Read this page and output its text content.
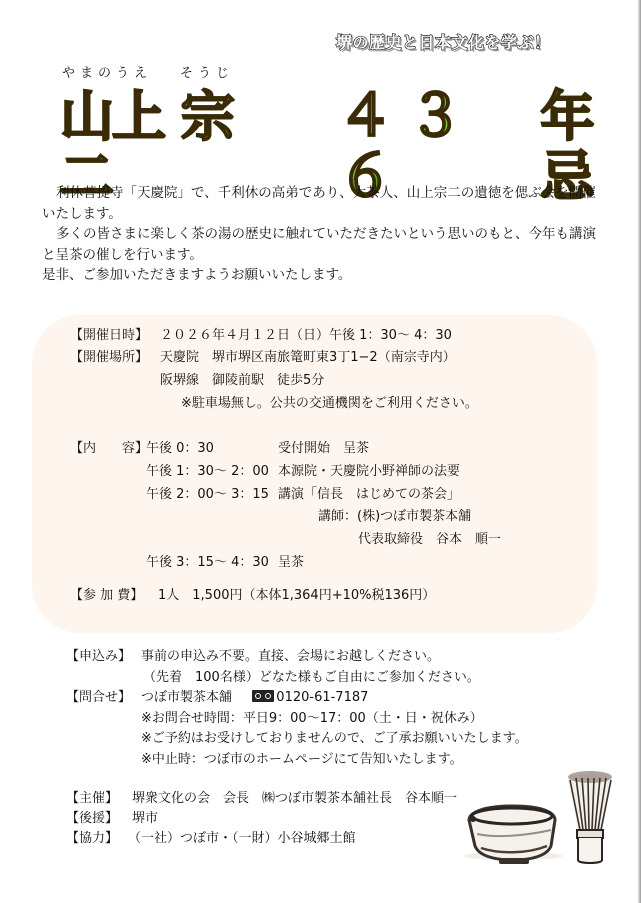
堺の歴史と日本文化を学ぶ！
やまのうえ そうじ
山上 宗二
４３６
年忌

利休菩提寺「天慶院」で、千利休の高弟であり、大茶人、山上宗二の遺徳を偲ぶ会を開催いたします。

多くの皆さまに楽しく茶の湯の歴史に触れていただきたいという思いのもと、今年も講演と呈茶の催しを行います。

是非、ご参加いただきますようお願いいたします。

【開催日時】 ２０２６年４月１２日（日）午後 1：30～ 4：30
【開催場所】 天慶院　堺市堺区南旅篭町東3丁1−2（南宗寺内）
阪堺線　御陵前駅　徒歩5分
※駐車場無し。公共の交通機関をご利用ください。
【内　　容】午後 0：30	受付開始　呈茶
午後 1：30～ 2：00 本源院・天慶院小野禅師の法要
午後 2：00～ 3：15 講演「信長　はじめての茶会」
講師：(株)つぼ市製茶本舗
代表取締役　谷本　順一
午後 3：15～ 4：30 呈茶
【参 加 費】 1人　1,500円（本体1,364円+10%税136円）
【申込み】 事前の申込み不要。直接、会場にお越しください。
（先着　100名様）どなた様もご自由にご参加ください。
【問合せ】 つぼ市製茶本舗	0120-61-7187
※お問合せ時間：平日9：00～17：00（土・日・祝休み）
※ご予約はお受けしておりませんので、ご了承お願いいたします。
※中止時：つぼ市のホームページにて告知いたします。
【主催】 堺衆文化の会　会長　㈱つぼ市製茶本舗社長　谷本順一
【後援】 堺市
【協力】 （一社）つぼ市・（一財）小谷城郷土館
